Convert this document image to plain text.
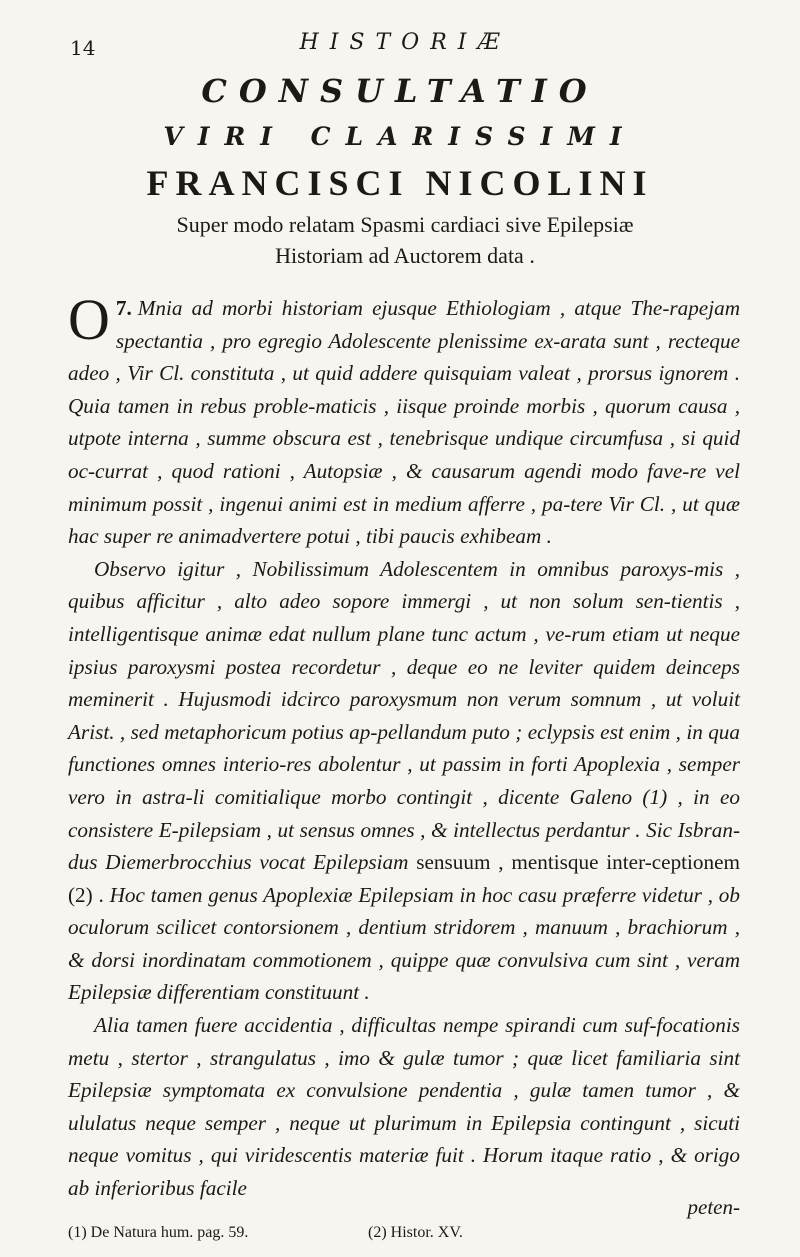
14	HISTORIÆ
CONSULTATIO
VIRI CLARISSIMI
FRANCISCI NICOLINI
Super modo relatam Spasmi cardiaci sive Epilepsiæ
Historiam ad Auctorem data .

7.
O Mnia ad morbi historiam ejusque Ethiologiam , atque The-rapejam spectantia , pro egregio Adolescente plenissime ex-arata sunt , recteque adeo , Vir Cl. constituta , ut quid addere quisquiam valeat , prorsus ignorem . Quia tamen in rebus proble-maticis , iisque proinde morbis , quorum causa , utpote interna , summe obscura est , tenebrisque undique circumfusa , si quid oc-currat , quod rationi , Autopsiæ , & causarum agendi modo fave-re vel minimum possit , ingenui animi est in medium afferre , pa-tere Vir Cl. , ut quæ hac super re animadvertere potui , tibi paucis exhibeam .

Observo igitur , Nobilissimum Adolescentem in omnibus paroxys-mis , quibus afficitur , alto adeo sopore immergi , ut non solum sen-tientis , intelligentisque animæ edat nullum plane tunc actum , ve-rum etiam ut neque ipsius paroxysmi postea recordetur , deque eo ne leviter quidem deinceps meminerit . Hujusmodi idcirco paroxysmum non verum somnum , ut voluit Arist. , sed metaphoricum potius ap-pellandum puto ; eclypsis est enim , in qua functiones omnes interio-res abolentur , ut passim in forti Apoplexia , semper vero in astra-li comitialique morbo contingit , dicente Galeno (1) , in eo consistere E-pilepsiam , ut sensus omnes , & intellectus perdantur . Sic Isbran-dus Diemerbrocchius vocat Epilepsiam sensuum , mentisque inter-ceptionem (2) . Hoc tamen genus Apoplexiæ Epilepsiam in hoc casu præferre videtur , ob oculorum scilicet contorsionem , dentium stridorem , manuum , brachiorum , & dorsi inordinatam commotionem , quippe quæ convulsiva cum sint , veram Epilepsiæ differentiam constituunt .

Alia tamen fuere accidentia , difficultas nempe spirandi cum suf-focationis metu , stertor , strangulatus , imo & gulæ tumor ; quæ licet familiaria sint Epilepsiæ symptomata ex convulsione pendentia , gulæ tamen tumor , & ululatus neque semper , neque ut plurimum in Epilepsia contingunt , sicuti neque vomitus , qui viridescentis materiæ fuit . Horum itaque ratio , & origo ab inferioribus facile

peten-
(1) De Natura hum. pag. 59.	(2) Histor. XV.
